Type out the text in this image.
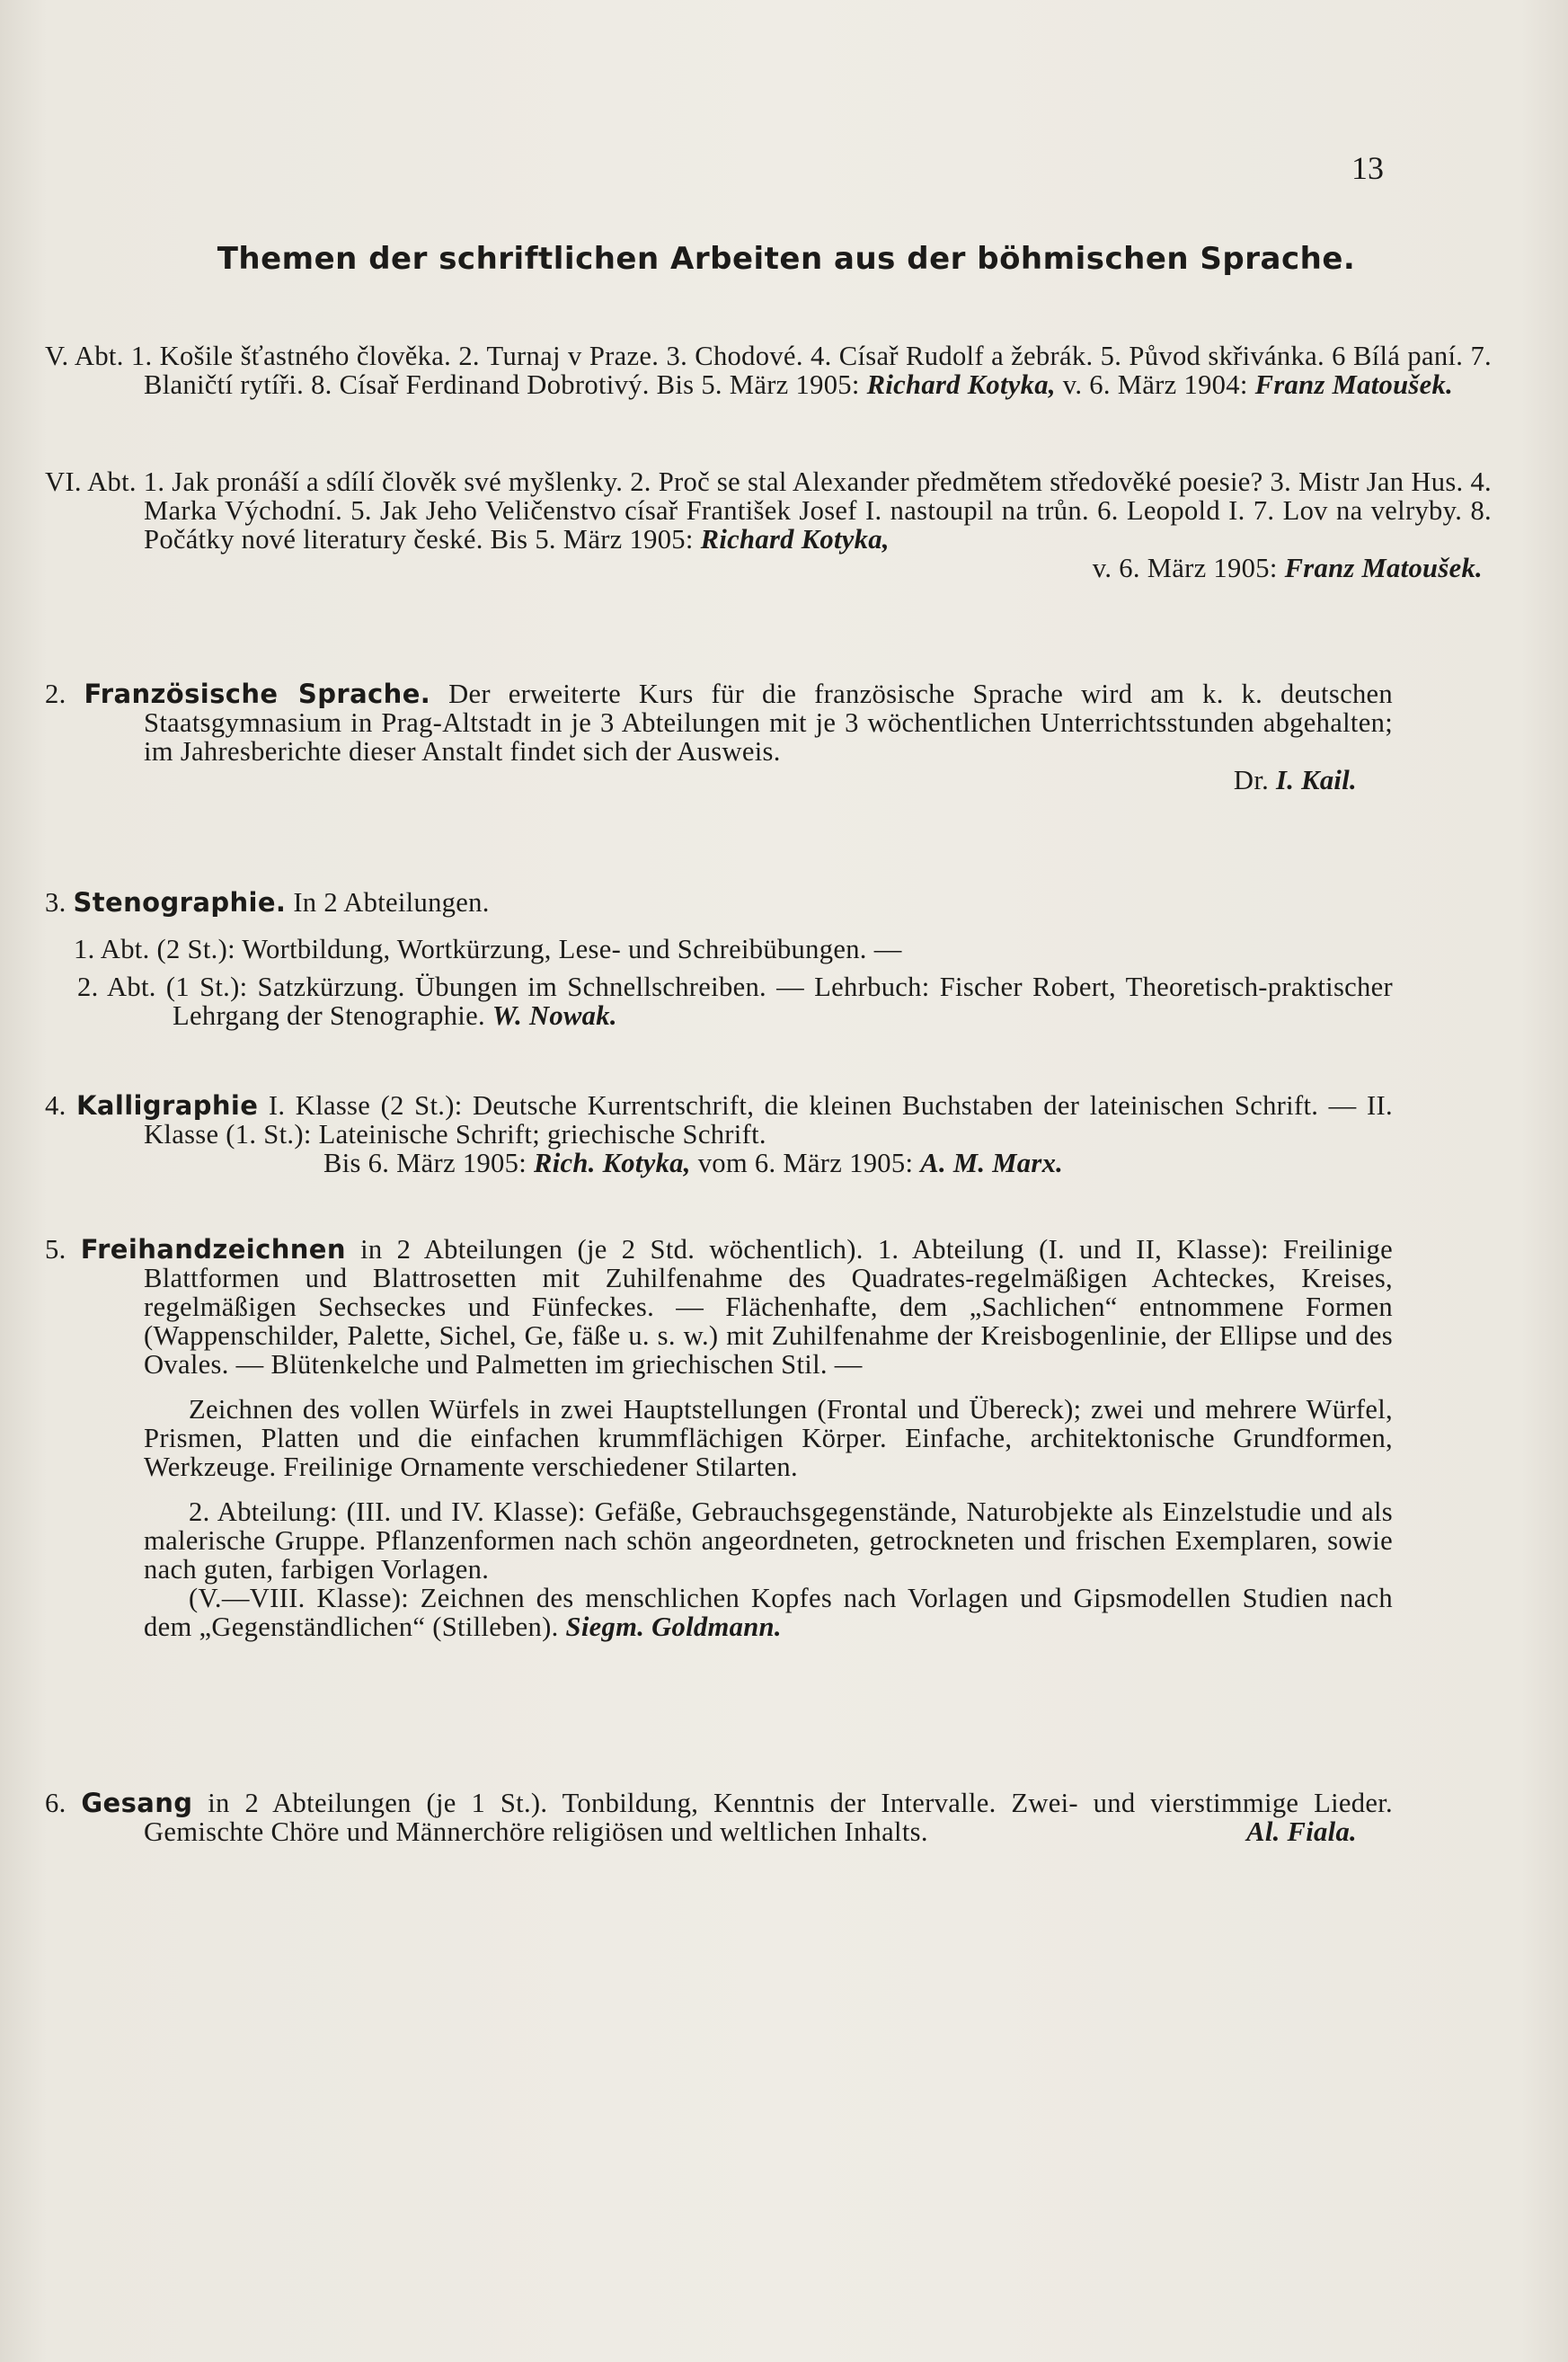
13
Themen der schriftlichen Arbeiten aus der böhmischen Sprache.
V. Abt. 1. Košile šťastného člověka. 2. Turnaj v Praze. 3. Chodové. 4. Císař Rudolf a žebrák. 5. Původ skřivánka. 6 Bílá paní. 7. Blaničtí rytíři. 8. Císař Ferdinand Dobrotivý. Bis 5. März 1905: Richard Kotyka, v. 6. März 1904: Franz Matoušek.
VI. Abt. 1. Jak pronáší a sdílí člověk své myšlenky. 2. Proč se stal Alexander předmětem středověké poesie? 3. Mistr Jan Hus. 4. Marka Východní. 5. Jak Jeho Veličenstvo císař František Josef I. nastoupil na trůn. 6. Leopold I. 7. Lov na velryby. 8. Počátky nové literatury české. Bis 5. März 1905: Richard Kotyka,
v. 6. März 1905: Franz Matoušek.
2. Französische Sprache. Der erweiterte Kurs für die französische Sprache wird am k. k. deutschen Staatsgymnasium in Prag-Altstadt in je 3 Abteilungen mit je 3 wöchentlichen Unterrichtsstunden abgehalten; im Jahresberichte dieser Anstalt findet sich der Ausweis.
Dr. I. Kail.
3. Stenographie. In 2 Abteilungen.
1. Abt. (2 St.): Wortbildung, Wortkürzung, Lese- und Schreibübungen. —
2. Abt. (1 St.): Satzkürzung. Übungen im Schnellschreiben. — Lehrbuch: Fischer Robert, Theoretisch-praktischer Lehrgang der Stenographie. W. Nowak.
4. Kalligraphie I. Klasse (2 St.): Deutsche Kurrentschrift, die kleinen Buchstaben der lateinischen Schrift. — II. Klasse (1. St.): Lateinische Schrift; griechische Schrift.
Bis 6. März 1905: Rich. Kotyka, vom 6. März 1905: A. M. Marx.
5. Freihandzeichnen in 2 Abteilungen (je 2 Std. wöchentlich). 1. Abteilung (I. und II, Klasse): Freilinige Blattformen und Blattrosetten mit Zuhilfenahme des Quadrates-regelmäßigen Achteckes, Kreises, regelmäßigen Sechseckes und Fünfeckes. — Flächenhafte, dem „Sachlichen“ entnommene Formen (Wappenschilder, Palette, Sichel, Ge, fäße u. s. w.) mit Zuhilfenahme der Kreisbogenlinie, der Ellipse und des Ovales. — Blütenkelche und Palmetten im griechischen Stil. —
Zeichnen des vollen Würfels in zwei Hauptstellungen (Frontal und Übereck); zwei und mehrere Würfel, Prismen, Platten und die einfachen krummflächigen Körper. Einfache, architektonische Grundformen, Werkzeuge. Freilinige Ornamente verschiedener Stilarten.
2. Abteilung: (III. und IV. Klasse): Gefäße, Gebrauchsgegenstände, Naturobjekte als Einzelstudie und als malerische Gruppe. Pflanzenformen nach schön angeordneten, getrockneten und frischen Exemplaren, sowie nach guten, farbigen Vorlagen.
(V.—VIII. Klasse): Zeichnen des menschlichen Kopfes nach Vorlagen und Gipsmodellen Studien nach dem „Gegenständlichen“ (Stilleben). Siegm. Goldmann.
6. Gesang in 2 Abteilungen (je 1 St.). Tonbildung, Kenntnis der Intervalle. Zwei- und vierstimmige Lieder. Gemischte Chöre und Männerchöre religiösen und weltlichen Inhalts.	Al. Fiala.
